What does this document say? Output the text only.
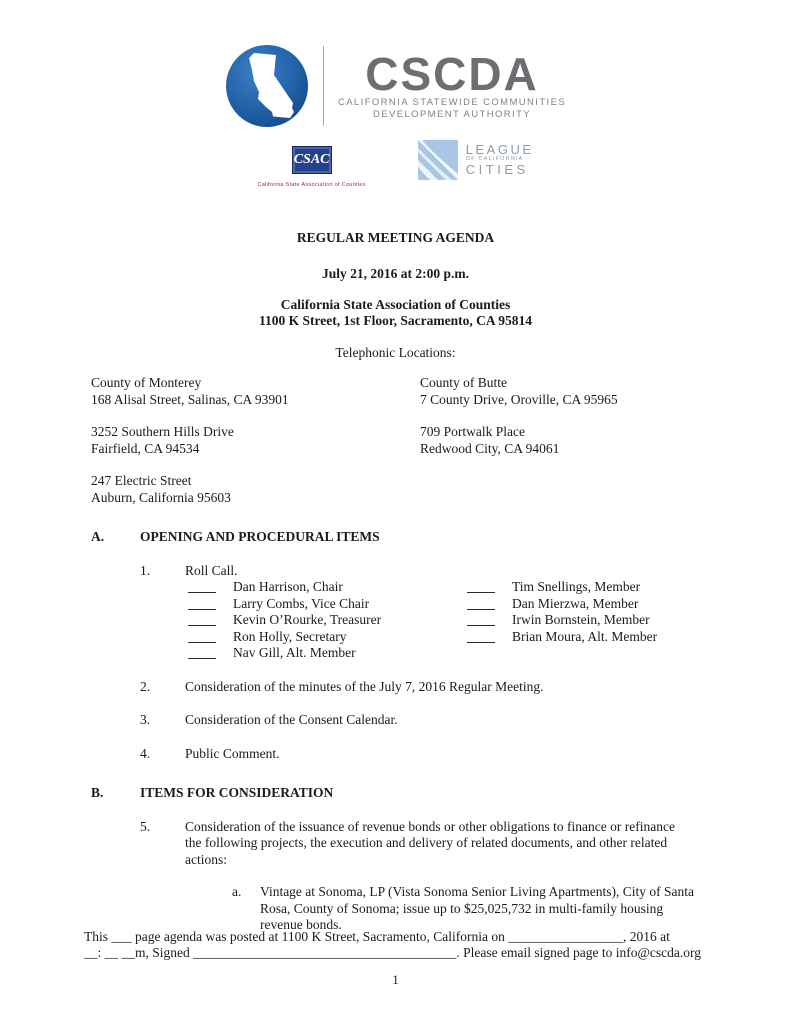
CSCDA
CALIFORNIA STATEWIDE COMMUNITIES
DEVELOPMENT AUTHORITY
CSAC
California State Association of Counties
LEAGUE
OF CALIFORNIA
CITIES
REGULAR MEETING AGENDA
July 21, 2016 at 2:00 p.m.
California State Association of Counties
1100 K Street, 1st Floor, Sacramento, CA 95814
Telephonic Locations:
County of Monterey
168 Alisal Street, Salinas, CA 93901
County of Butte
7 County Drive, Oroville, CA 95965
3252 Southern Hills Drive
Fairfield, CA 94534
709 Portwalk Place
Redwood City, CA 94061
247 Electric Street
Auburn, California 95603
A.	OPENING AND PROCEDURAL ITEMS
1.	Roll Call.
Dan Harrison, Chair	Tim Snellings, Member
Larry Combs, Vice Chair	Dan Mierzwa, Member
Kevin O’Rourke, Treasurer	Irwin Bornstein, Member
Ron Holly, Secretary	Brian Moura, Alt. Member
Nav Gill, Alt. Member
2.	Consideration of the minutes of the July 7, 2016 Regular Meeting.
3.	Consideration of the Consent Calendar.
4.	Public Comment.
B.	ITEMS FOR CONSIDERATION
5.	Consideration of the issuance of revenue bonds or other obligations to finance or refinance the following projects, the execution and delivery of related documents, and other related actions:
a.	Vintage at Sonoma, LP (Vista Sonoma Senior Living Apartments), City of Santa Rosa, County of Sonoma; issue up to $25,025,732 in multi-family housing revenue bonds.
This ___ page agenda was posted at 1100 K Street, Sacramento, California on _________________, 2016 at
__: __ __m, Signed _______________________________________. Please email signed page to info@cscda.org
1
